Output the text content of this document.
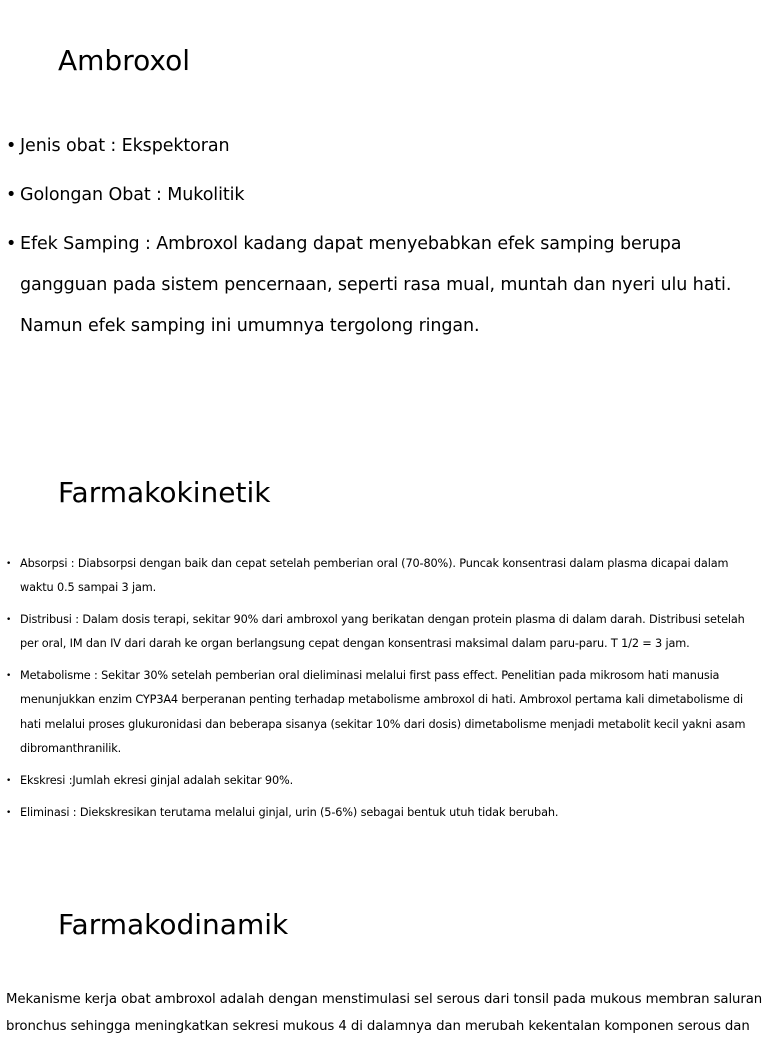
Ambroxol
• Jenis obat : Ekspektoran
• Golongan Obat : Mukolitik
• Efek Samping : Ambroxol kadang dapat menyebabkan efek samping berupa gangguan pada sistem pencernaan, seperti rasa mual, muntah dan nyeri ulu hati. Namun efek samping ini umumnya tergolong ringan.
Farmakokinetik
• Absorpsi : Diabsorpsi dengan baik dan cepat setelah pemberian oral (70-80%). Puncak konsentrasi dalam plasma dicapai dalam waktu 0.5 sampai 3 jam.
• Distribusi : Dalam dosis terapi, sekitar 90% dari ambroxol yang berikatan dengan protein plasma di dalam darah. Distribusi setelah per oral, IM dan IV dari darah ke organ berlangsung cepat dengan konsentrasi maksimal dalam paru-paru. T 1/2 = 3 jam.
• Metabolisme : Sekitar 30% setelah pemberian oral dieliminasi melalui first pass effect. Penelitian pada mikrosom hati manusia menunjukkan enzim CYP3A4 berperanan penting terhadap metabolisme ambroxol di hati. Ambroxol pertama kali dimetabolisme di hati melalui proses glukuronidasi dan beberapa sisanya (sekitar 10% dari dosis) dimetabolisme menjadi metabolit kecil yakni asam dibromanthranilik.
• Ekskresi :Jumlah ekresi ginjal adalah sekitar 90%.
• Eliminasi : Diekskresikan terutama melalui ginjal, urin (5-6%) sebagai bentuk utuh tidak berubah.
Farmakodinamik

Mekanisme kerja obat ambroxol adalah dengan menstimulasi sel serous dari tonsil pada mukous membran saluran bronchus sehingga meningkatkan sekresi mukous 4 di dalamnya dan merubah kekentalan komponen serous dan
